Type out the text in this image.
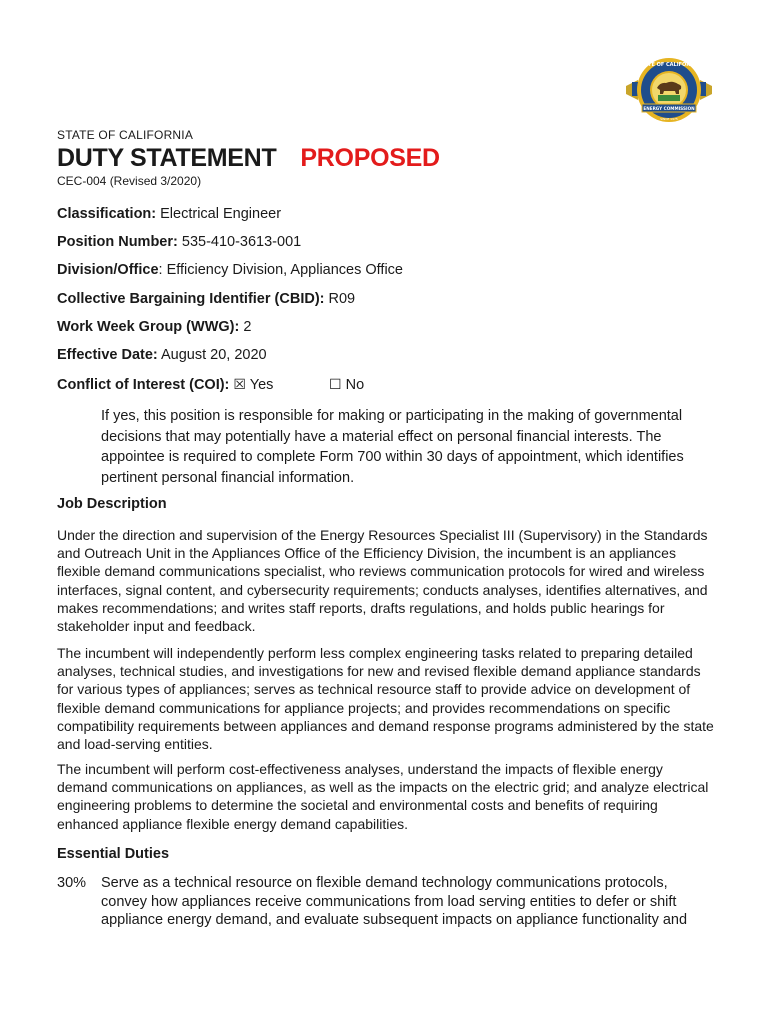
ENERGY COMMISSION
STATE OF CALIFORNIA
SINCE 1975
STATE OF CALIFORNIA
DUTY STATEMENT PROPOSED
CEC-004 (Revised 3/2020)
Classification: Electrical Engineer
Position Number: 535-410-3613-001
Division/Office: Efficiency Division, Appliances Office
Collective Bargaining Identifier (CBID): R09
Work Week Group (WWG): 2
Effective Date: August 20, 2020
Conflict of Interest (COI): ☒ Yes	☐ No
If yes, this position is responsible for making or participating in the making of governmental decisions that may potentially have a material effect on personal financial interests. The appointee is required to complete Form 700 within 30 days of appointment, which identifies pertinent personal financial information.
Job Description
Under the direction and supervision of the Energy Resources Specialist III (Supervisory) in the Standards and Outreach Unit in the Appliances Office of the Efficiency Division, the incumbent is an appliances flexible demand communications specialist, who reviews communication protocols for wired and wireless interfaces, signal content, and cybersecurity requirements; conducts analyses, identifies alternatives, and makes recommendations; and writes staff reports, drafts regulations, and holds public hearings for stakeholder input and feedback.
The incumbent will independently perform less complex engineering tasks related to preparing detailed analyses, technical studies, and investigations for new and revised flexible demand appliance standards for various types of appliances; serves as technical resource staff to provide advice on development of flexible demand communications for appliance projects; and provides recommendations on specific compatibility requirements between appliances and demand response programs administered by the state and load-serving entities.
The incumbent will perform cost-effectiveness analyses, understand the impacts of flexible energy demand communications on appliances, as well as the impacts on the electric grid; and analyze electrical engineering problems to determine the societal and environmental costs and benefits of requiring enhanced appliance flexible energy demand capabilities.
Essential Duties
30% Serve as a technical resource on flexible demand technology communications protocols, convey how appliances receive communications from load serving entities to defer or shift appliance energy demand, and evaluate subsequent impacts on appliance functionality and
